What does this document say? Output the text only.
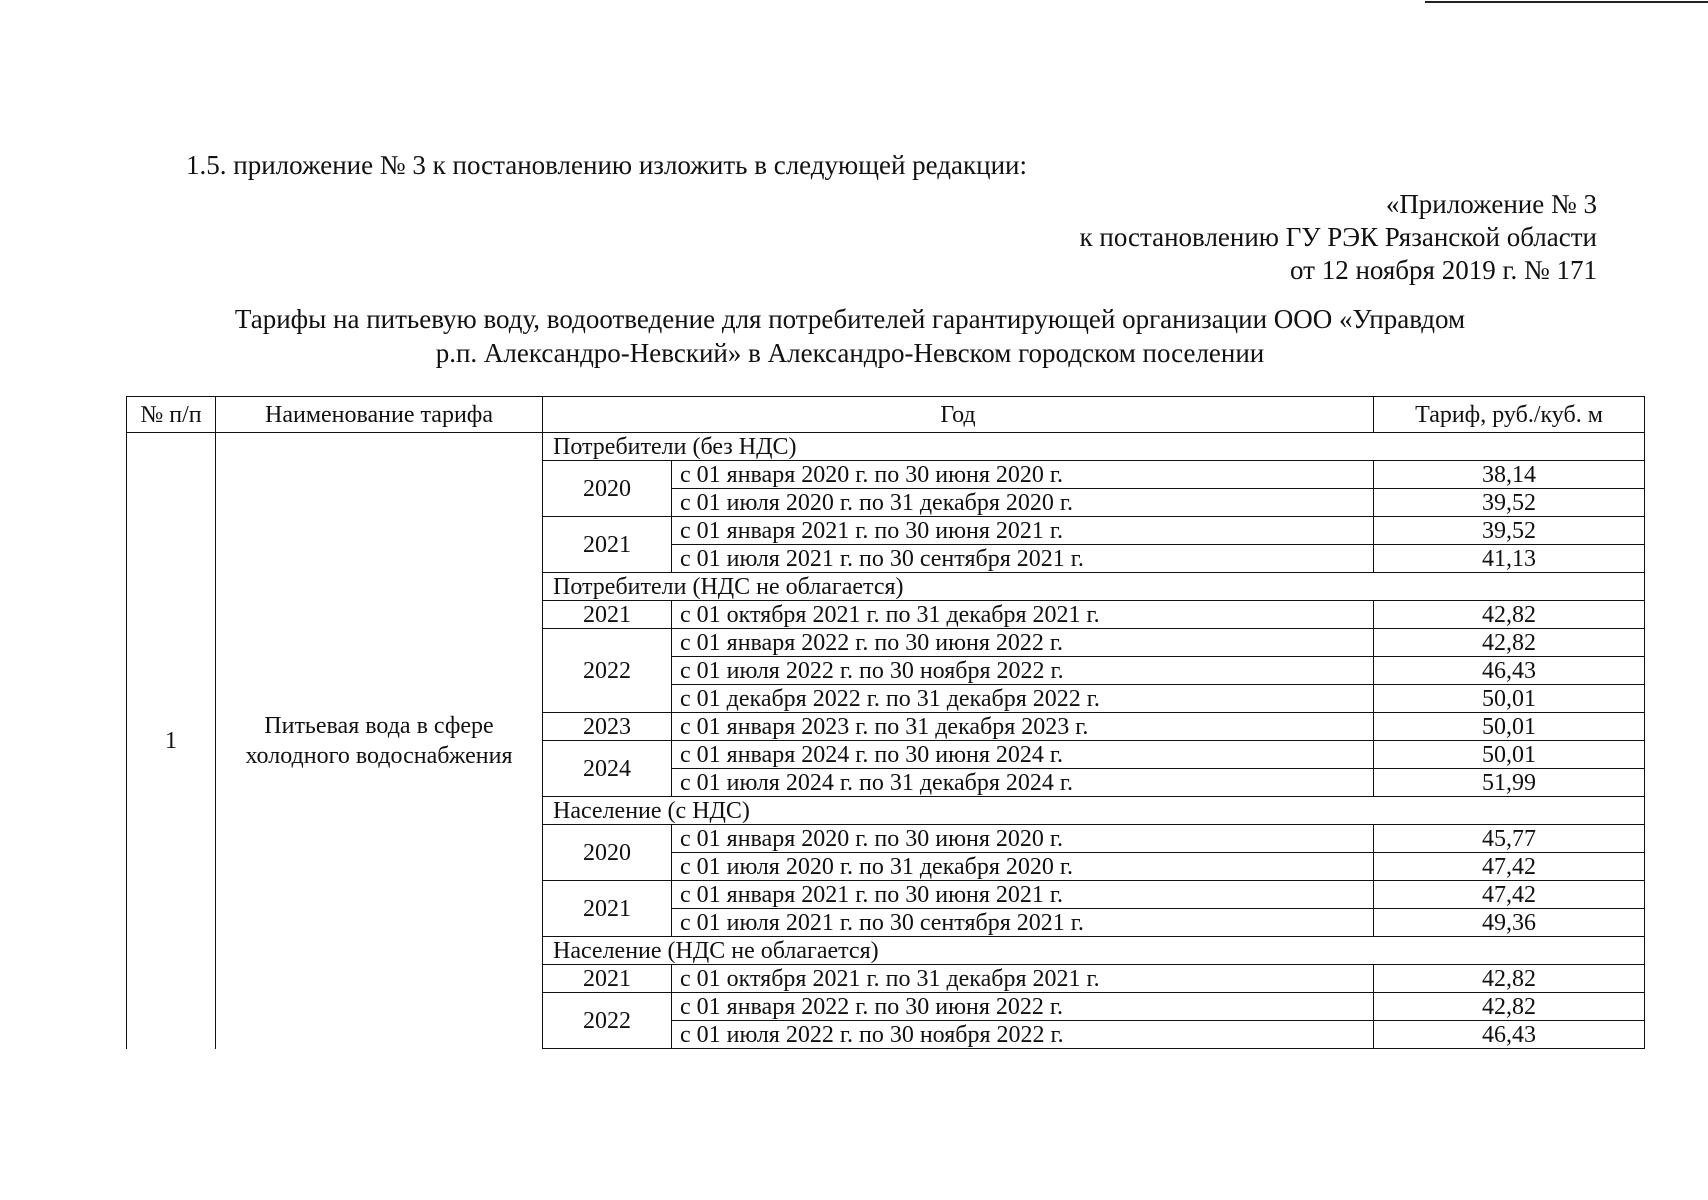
1.5. приложение № 3 к постановлению изложить в следующей редакции:
«Приложение № 3
к постановлению ГУ РЭК Рязанской области
от 12 ноября 2019 г. № 171
Тарифы на питьевую воду, водоотведение для потребителей гарантирующей организации ООО «Управдом
р.п. Александро-Невский» в Александро-Невском городском поселении
№ п/п	Наименование тарифа	Год		Тариф, руб./куб. м
1	Питьевая вода в сфере холодного водоснабжения	Потребители (без НДС)		
		2020	с 01 января 2020 г. по 30 июня 2020 г.	38,14
			с 01 июля 2020 г. по 31 декабря 2020 г.	39,52
		2021	с 01 января 2021 г. по 30 июня 2021 г.	39,52
			с 01 июля 2021 г. по 30 сентября 2021 г.	41,13
		Потребители (НДС не облагается)		
		2021	с 01 октября 2021 г. по 31 декабря 2021 г.	42,82
		2022	с 01 января 2022 г. по 30 июня 2022 г.	42,82
			с 01 июля 2022 г. по 30 ноября 2022 г.	46,43
			с 01 декабря 2022 г. по 31 декабря 2022 г.	50,01
		2023	с 01 января 2023 г. по 31 декабря 2023 г.	50,01
		2024	с 01 января 2024 г. по 30 июня 2024 г.	50,01
			с 01 июля 2024 г. по 31 декабря 2024 г.	51,99
		Население (с НДС)		
		2020	с 01 января 2020 г. по 30 июня 2020 г.	45,77
			с 01 июля 2020 г. по 31 декабря 2020 г.	47,42
		2021	с 01 января 2021 г. по 30 июня 2021 г.	47,42
			с 01 июля 2021 г. по 30 сентября 2021 г.	49,36
		Население (НДС не облагается)		
		2021	с 01 октября 2021 г. по 31 декабря 2021 г.	42,82
		2022	с 01 января 2022 г. по 30 июня 2022 г.	42,82
			с 01 июля 2022 г. по 30 ноября 2022 г.	46,43
